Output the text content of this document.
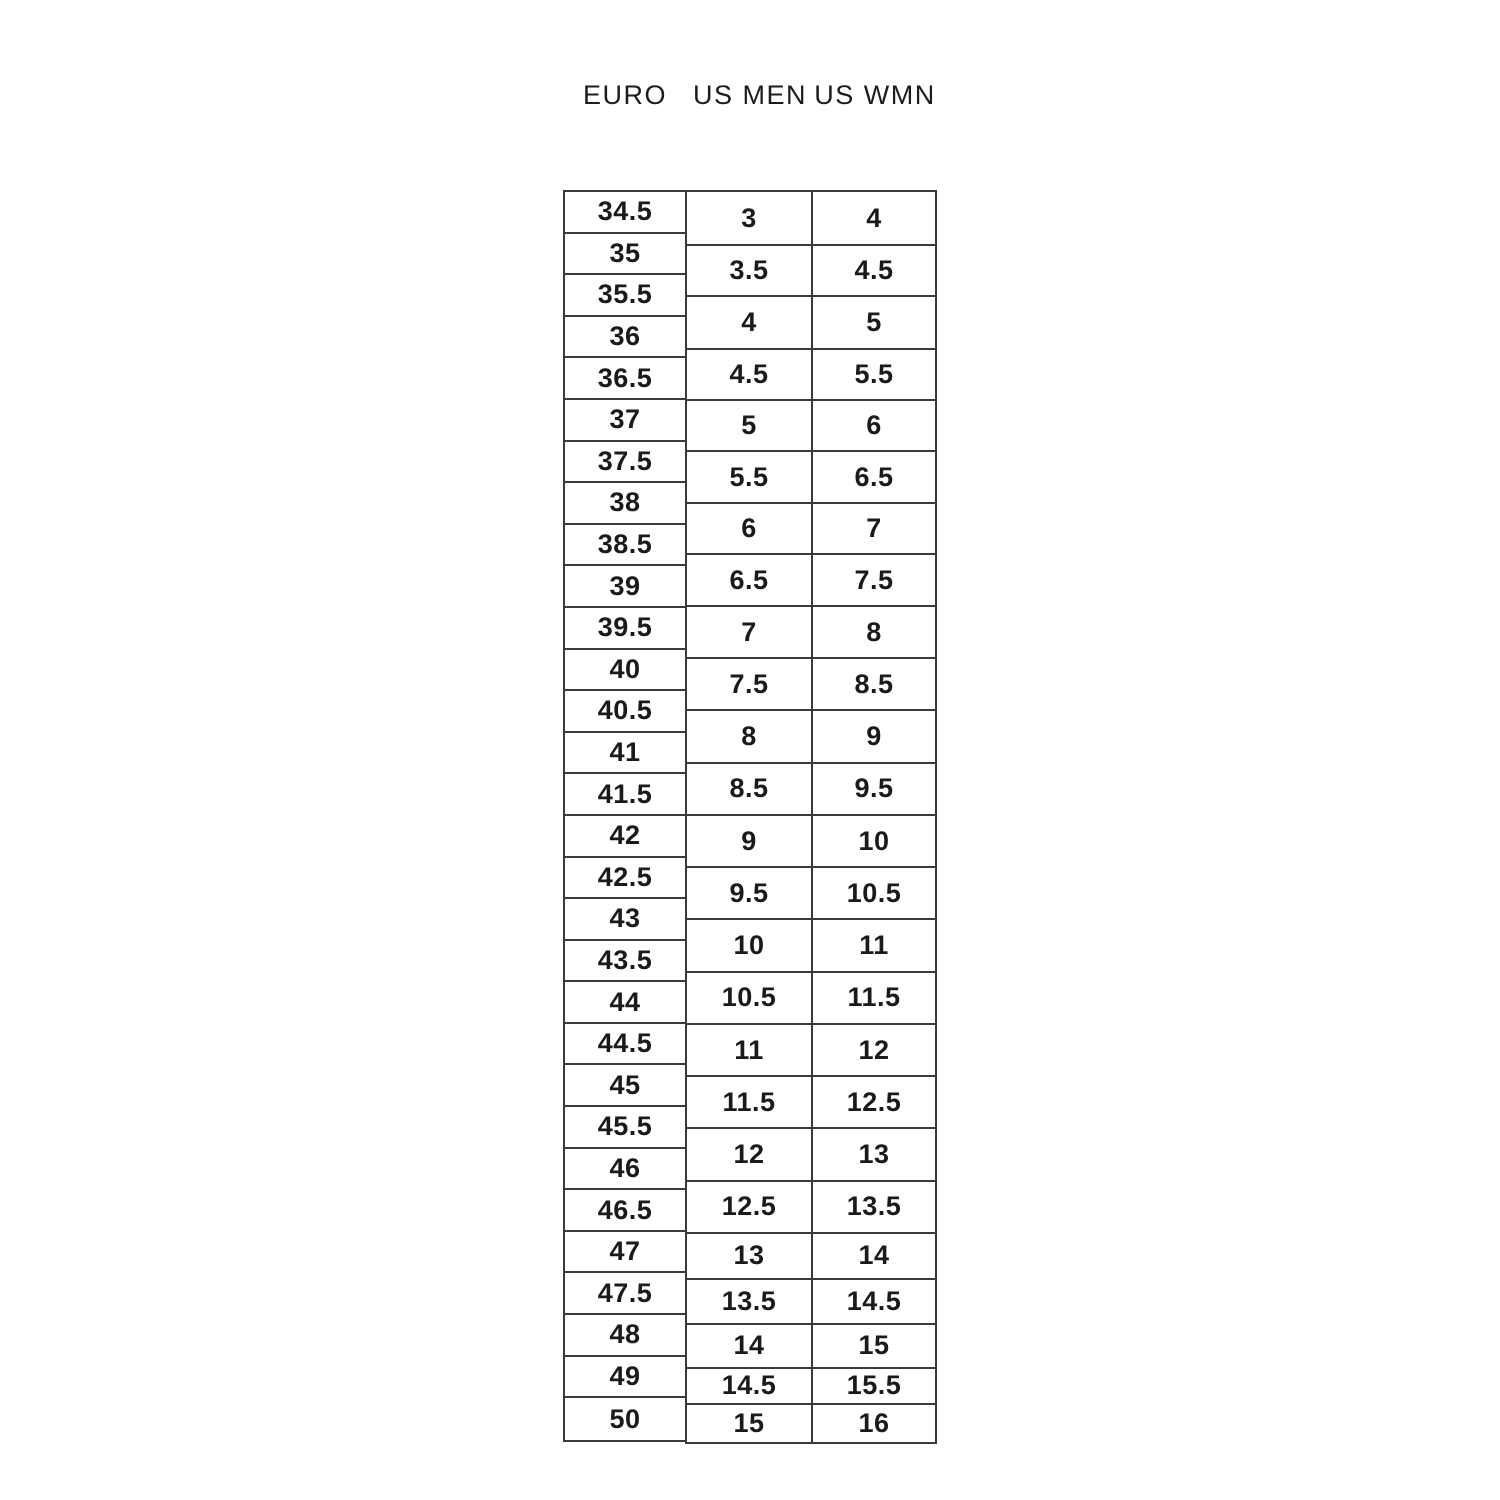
EURO US MEN US WMN
34.5
35
35.5
36
36.5
37
37.5
38
38.5
39
39.5
40
40.5
41
41.5
42
42.5
43
43.5
44
44.5
45
45.5
46
46.5
47
47.5
48
49
50
3
3.5
4
4.5
5
5.5
6
6.5
7
7.5
8
8.5
9
9.5
10
10.5
11
11.5
12
12.5
13
13.5
14
14.5
15
4
4.5
5
5.5
6
6.5
7
7.5
8
8.5
9
9.5
10
10.5
11
11.5
12
12.5
13
13.5
14
14.5
15
15.5
16
